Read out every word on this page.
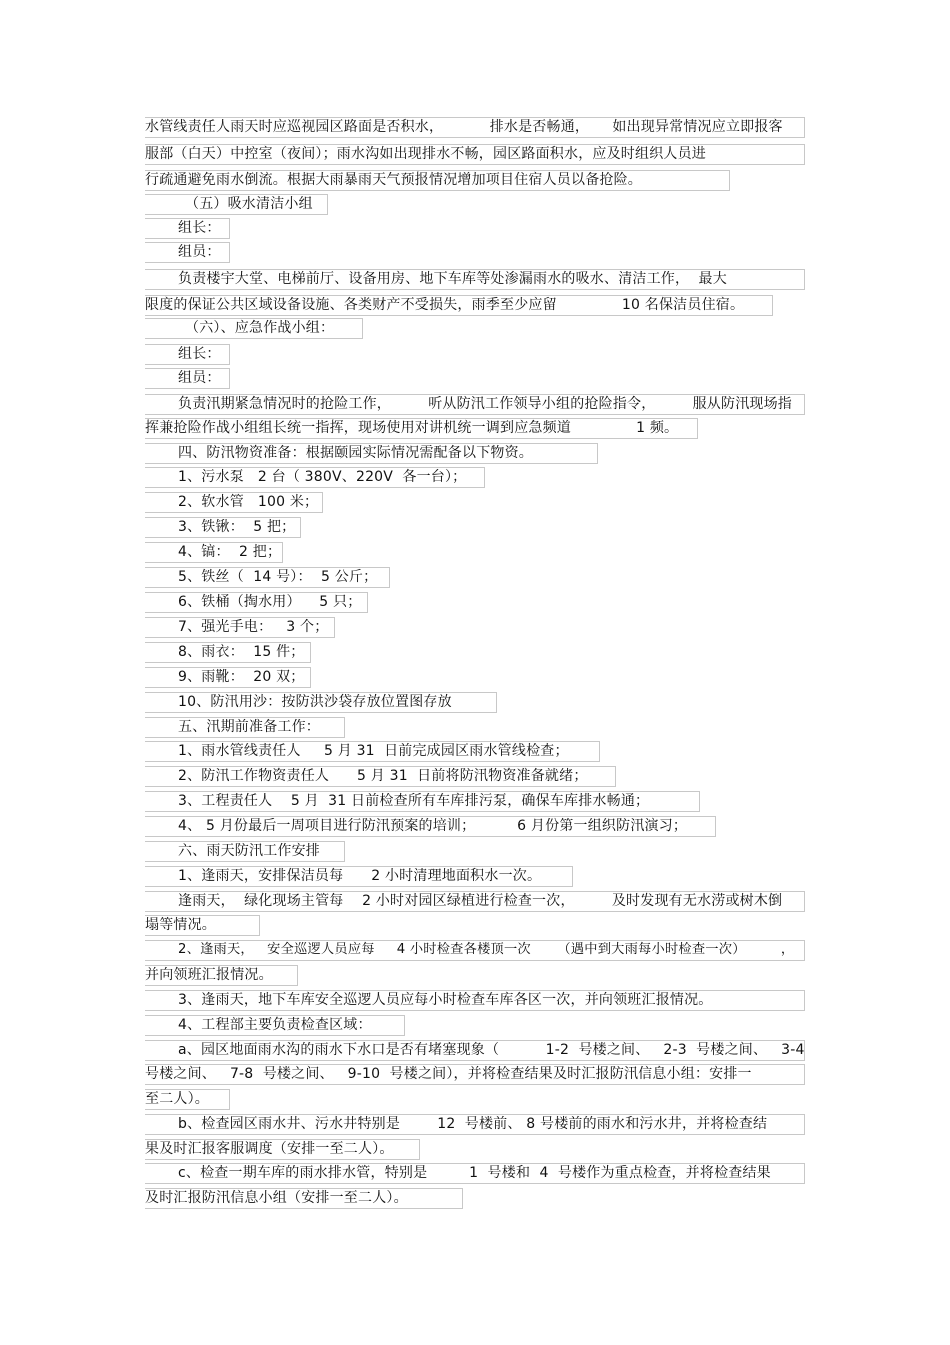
水管线责任人雨天时应巡视园区路面是否积水，          排水是否畅通，     如出现异常情况应立即报客
服部（白天）中控室（夜间）；雨水沟如出现排水不畅，园区路面积水，应及时组织人员进
行疏通避免雨水倒流。根据大雨暴雨天气预报情况增加项目住宿人员以备抢险。
（五）吸水清洁小组
组长：
组员：
负责楼宇大堂、电梯前厅、设备用房、地下车库等处渗漏雨水的吸水、清洁工作，  最大
限度的保证公共区域设备设施、各类财产不受损失，雨季至少应留              10 名保洁员住宿。
（六）、应急作战小组：
组长：
组员：
负责汛期紧急情况时的抢险工作，        听从防汛工作领导小组的抢险指令，        服从防汛现场指
挥兼抢险作战小组组长统一指挥，现场使用对讲机统一调到应急频道              1 频。
四、防汛物资准备：根据颐园实际情况需配备以下物资。
1、污水泵   2 台（ 380V、220V  各一台）；
2、软水管   100 米；
3、铁锹：  5 把；
4、镐：  2 把；
5、铁丝（  14 号）：  5 公斤；
6、铁桶（掏水用）    5 只；
7、强光手电：   3 个；
8、雨衣：  15 件；
9、雨靴：  20 双；
10、防汛用沙：按防洪沙袋存放位置图存放
五、汛期前准备工作：
1、雨水管线责任人     5 月 31  日前完成园区雨水管线检查；
2、防汛工作物资责任人      5 月 31  日前将防汛物资准备就绪；
3、工程责任人    5 月  31 日前检查所有车库排污泵，确保车库排水畅通；
4、 5 月份最后一周项目进行防汛预案的培训；         6 月份第一组织防汛演习；
六、雨天防汛工作安排
1、逢雨天，安排保洁员每      2 小时清理地面积水一次。
逢雨天，  绿化现场主管每    2 小时对园区绿植进行检查一次，        及时发现有无水涝或树木倒
塌等情况。
2、逢雨天，   安全巡逻人员应每     4 小时检查各楼顶一次      （遇中到大雨每小时检查一次）        ，
并向领班汇报情况。
3、逢雨天，地下车库安全巡逻人员应每小时检查车库各区一次，并向领班汇报情况。
4、工程部主要负责检查区域：
a、园区地面雨水沟的雨水下水口是否有堵塞现象（          1-2  号楼之间、   2-3  号楼之间、   3-4
号楼之间、   7-8  号楼之间、   9-10  号楼之间），并将检查结果及时汇报防汛信息小组：安排一
至二人）。
b、检查园区雨水井、污水井特别是        12  号楼前、 8 号楼前的雨水和污水井，并将检查结
果及时汇报客服调度（安排一至二人）。
c、检查一期车库的雨水排水管，特别是         1  号楼和  4  号楼作为重点检查，并将检查结果
及时汇报防汛信息小组（安排一至二人）。
